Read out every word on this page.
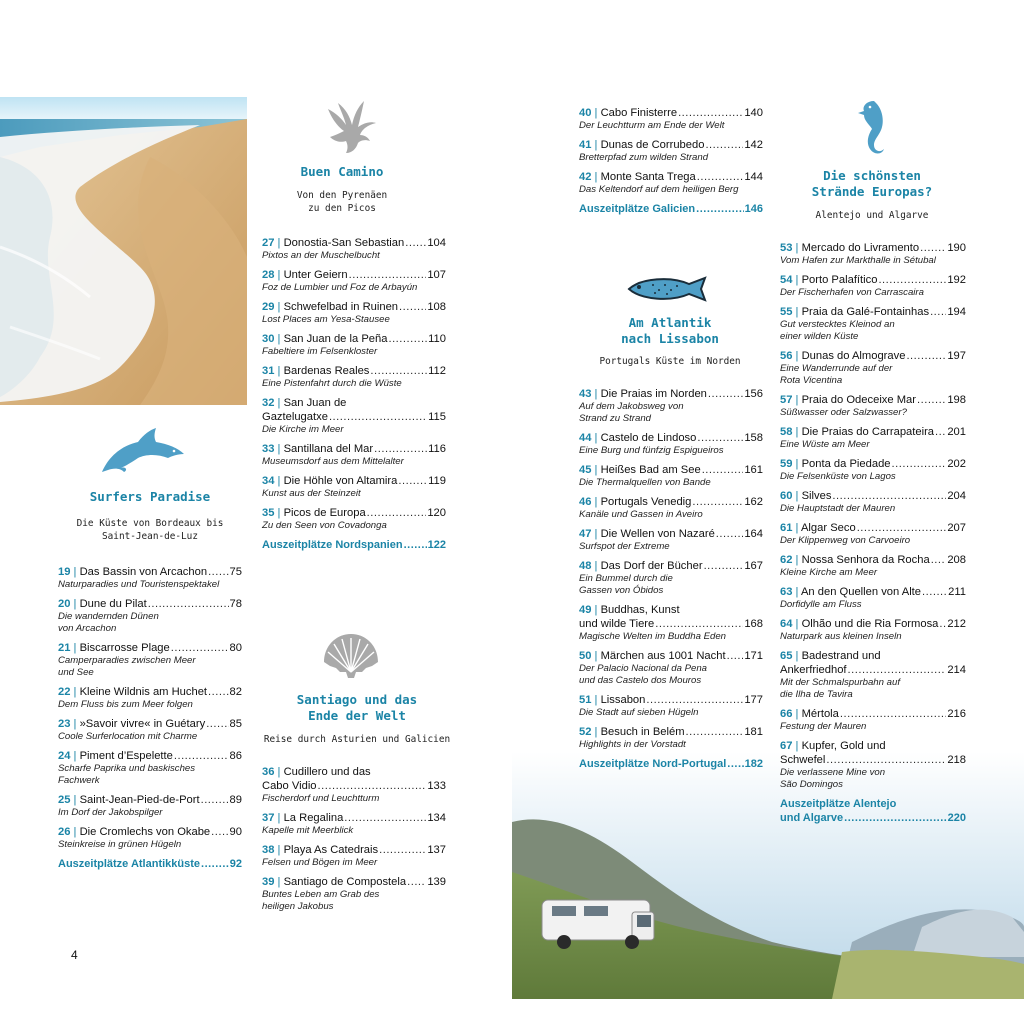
Buen Camino
Von den Pyrenäen
zu den Picos
Surfers Paradise
Die Küste von Bordeaux bis
Saint-Jean-de-Luz
Santiago und das
Ende der Welt
Reise durch Asturien und Galicien
Am Atlantik
nach Lissabon
Portugals Küste im Norden
Die schönsten
Strände Europas?
Alentejo und Algarve
19 | Das Bassin von Arcachon ..... 75
Naturparadies und Touristenspektakel
20 | Dune du Pilat .....	78
Die wandernden Dünen
von Arcachon
21 | Biscarrosse Plage .....	80
Camperparadies zwischen Meer
und See
22 | Kleine Wildnis am Huchet ..... 82
Dem Fluss bis zum Meer folgen
23 | »Savoir vivre« in Guétary ..... 85
Coole Surferlocation mit Charme
24 | Piment d’Espelette .....	86
Scharfe Paprika und baskisches
Fachwerk
25 | Saint-Jean-Pied-de-Port .....	89
Im Dorf der Jakobspilger
26 | Die Cromlechs von Okabe ..... 90
Steinkreise in grünen Hügeln
Auszeitplätze Atlantikküste .....	92
27 | Donostia-San Sebastian ..... 104
Pixtos an der Muschelbucht
28 | Unter Geiern .....	107
Foz de Lumbier und Foz de Arbayún
29 | Schwefelbad in Ruinen .....	108
Lost Places am Yesa-Stausee
30 | San Juan de la Peña .....	110
Fabeltiere im Felsenkloster
31 | Bardenas Reales .....	112
Eine Pistenfahrt durch die Wüste
32 | San Juan de
Gaztelugatxe .....	115
Die Kirche im Meer
33 | Santillana del Mar .....	116
Museumsdorf aus dem Mittelalter
34 | Die Höhle von Altamira .....	119
Kunst aus der Steinzeit
35 | Picos de Europa .....	120
Zu den Seen von Covadonga
Auszeitplätze Nordspanien ..... 122
36 | Cudillero und das
Cabo Vidio .....	133
Fischerdorf und Leuchtturm
37 | La Regalina .....	134
Kapelle mit Meerblick
38 | Playa As Catedrais .....	137
Felsen und Bögen im Meer
39 | Santiago de Compostela ..... 139
Buntes Leben am Grab des
heiligen Jakobus
40 | Cabo Finisterre .....	140
Der Leuchtturm am Ende der Welt
41 | Dunas de Corrubedo .....	142
Bretterpfad zum wilden Strand
42 | Monte Santa Trega .....	144
Das Keltendorf auf dem heiligen Berg
Auszeitplätze Galicien .....	146
43 | Die Praias im Norden .....	156
Auf dem Jakobsweg von
Strand zu Strand
44 | Castelo de Lindoso .....	158
Eine Burg und fünfzig Espigueiros
45 | Heißes Bad am See .....	161
Die Thermalquellen von Bande
46 | Portugals Venedig .....	162
Kanäle und Gassen in Aveiro
47 | Die Wellen von Nazaré .....	164
Surfspot der Extreme
48 | Das Dorf der Bücher .....	167
Ein Bummel durch die
Gassen von Óbidos
49 | Buddhas, Kunst
und wilde Tiere .....	168
Magische Welten im Buddha Eden
50 | Märchen aus 1001 Nacht ..... 171
Der Palacio Nacional da Pena
und das Castelo dos Mouros
51 | Lissabon .....	177
Die Stadt auf sieben Hügeln
52 | Besuch in Belém .....	181
Highlights in der Vorstadt
Auszeitplätze Nord-Portugal ..... 182
53 | Mercado do Livramento .....	190
Vom Hafen zur Markthalle in Sétubal
54 | Porto Palafítico .....	192
Der Fischerhafen von Carrascaira
55 | Praia da Galé-Fontainhas ..... 194
Gut verstecktes Kleinod an
einer wilden Küste
56 | Dunas do Almograve .....	197
Eine Wanderrunde auf der
Rota Vicentina
57 | Praia do Odeceixe Mar .....	198
Süßwasser oder Salzwasser?
58 | Die Praias do Carrapateira ..... 201
Eine Wüste am Meer
59 | Ponta da Piedade .....	202
Die Felsenküste von Lagos
60 | Silves .....	204
Die Hauptstadt der Mauren
61 | Algar Seco .....	207
Der Klippenweg von Carvoeiro
62 | Nossa Senhora da Rocha ..... 208
Kleine Kirche am Meer
63 | An den Quellen von Alte ..... 211
Dorfidylle am Fluss
64 | Olhão und die Ria Formosa ..... 212
Naturpark aus kleinen Inseln
65 | Badestrand und
Ankerfriedhof .....	214
Mit der Schmalspurbahn auf
die Ilha de Tavira
66 | Mértola .....	216
Festung der Mauren
67 | Kupfer, Gold und
Schwefel .....	218
Die verlassene Mine von
São Domingos
Auszeitplätze Alentejo
und Algarve .....	220
4
